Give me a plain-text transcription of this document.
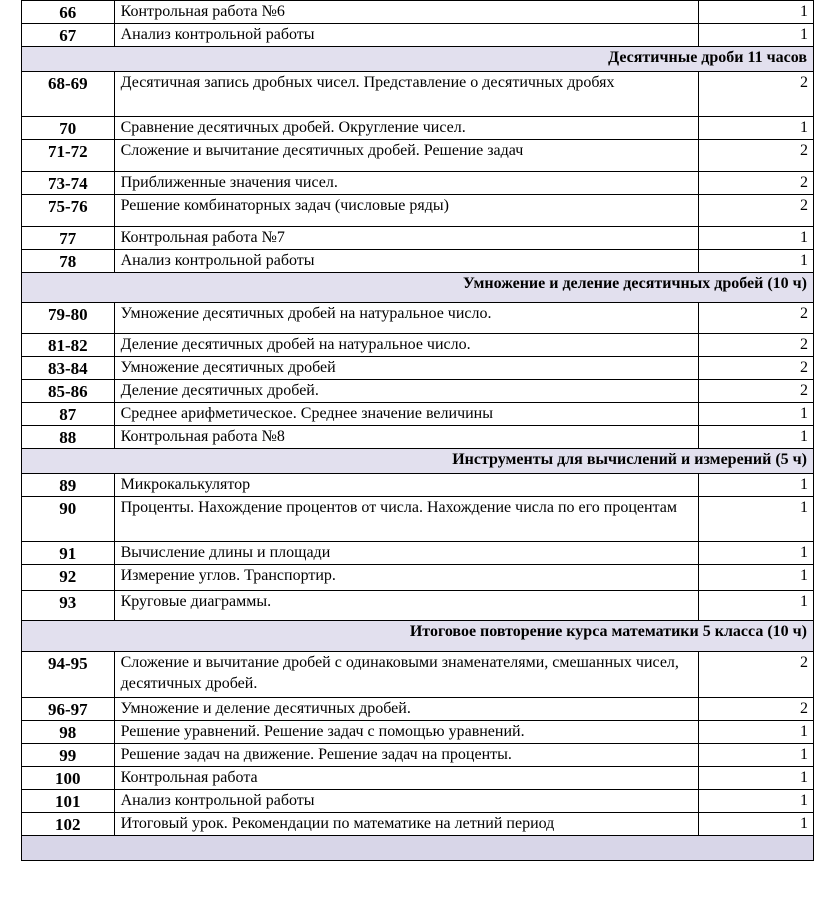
66	Контрольная работа №6	1
67	Анализ контрольной работы	1
Десятичные дроби 11 часов		
68-69	Десятичная запись дробных чисел. Представление о десятичных дробях	2
70	Сравнение десятичных дробей. Округление чисел.	1
71-72	Сложение и вычитание десятичных дробей. Решение задач	2
73-74	Приближенные значения чисел.	2
75-76	Решение комбинаторных задач (числовые ряды)	2
77	Контрольная работа №7	1
78	Анализ контрольной работы	1
Умножение и деление десятичных дробей (10 ч)		
79-80	Умножение десятичных дробей на натуральное число.	2
81-82	Деление десятичных дробей на натуральное число.	2
83-84	Умножение десятичных дробей	2
85-86	Деление десятичных дробей.	2
87	Среднее арифметическое. Среднее значение величины	1
88	Контрольная работа №8	1
Инструменты для вычислений и измерений (5 ч)		
89	Микрокалькулятор	1
90	Проценты. Нахождение процентов от числа. Нахождение числа по его процентам	1
91	Вычисление длины и площади	1
92	Измерение углов. Транспортир.	1
93	Круговые диаграммы.	1
Итоговое повторение курса математики 5 класса (10 ч)		
94-95	Сложение и вычитание дробей с одинаковыми знаменателями, смешанных чисел, десятичных дробей.	2
96-97	Умножение и деление десятичных дробей.	2
98	Решение уравнений. Решение задач с помощью уравнений.	1
99	Решение задач на движение. Решение задач на проценты.	1
100	Контрольная работа	1
101	Анализ контрольной работы	1
102	Итоговый урок. Рекомендации по математике на летний период	1
